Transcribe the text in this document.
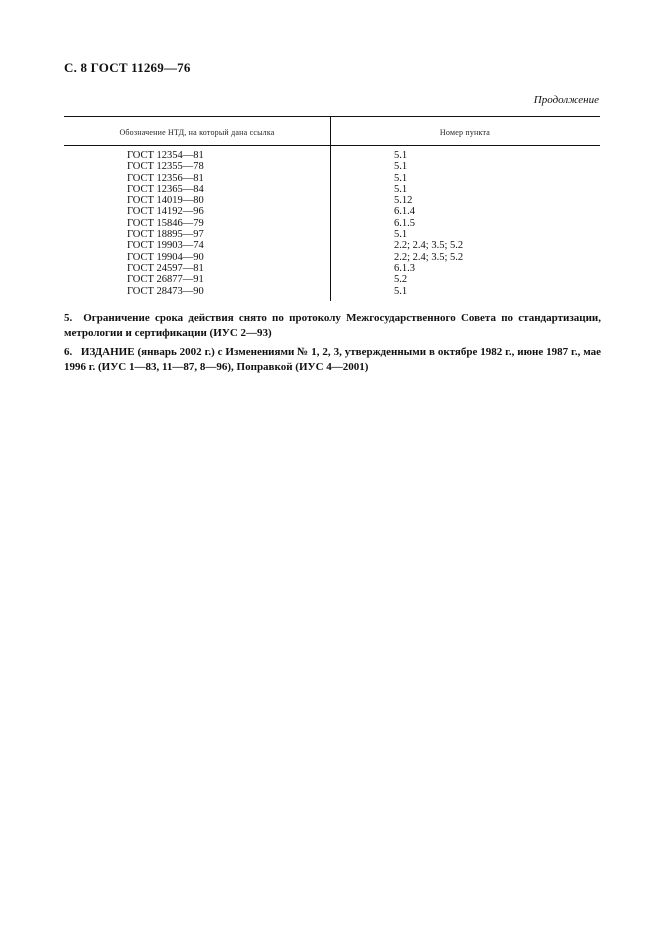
С. 8 ГОСТ 11269—76
Продолжение
Обозначение НТД, на который дана ссылка	Номер пункта
ГОСТ 12354—81	5.1
ГОСТ 12355—78	5.1
ГОСТ 12356—81	5.1
ГОСТ 12365—84	5.1
ГОСТ 14019—80	5.12
ГОСТ 14192—96	6.1.4
ГОСТ 15846—79	6.1.5
ГОСТ 18895—97	5.1
ГОСТ 19903—74	2.2; 2.4; 3.5; 5.2
ГОСТ 19904—90	2.2; 2.4; 3.5; 5.2
ГОСТ 24597—81	6.1.3
ГОСТ 26877—91	5.2
ГОСТ 28473—90	5.1
5. Ограничение срока действия снято по протоколу Межгосударственного Совета по стандартизации, метрологии и сертификации (ИУС 2—93)
6. ИЗДАНИЕ (январь 2002 г.) с Изменениями № 1, 2, 3, утвержденными в октябре 1982 г., июне 1987 г., мае 1996 г. (ИУС 1—83, 11—87, 8—96), Поправкой (ИУС 4—2001)
